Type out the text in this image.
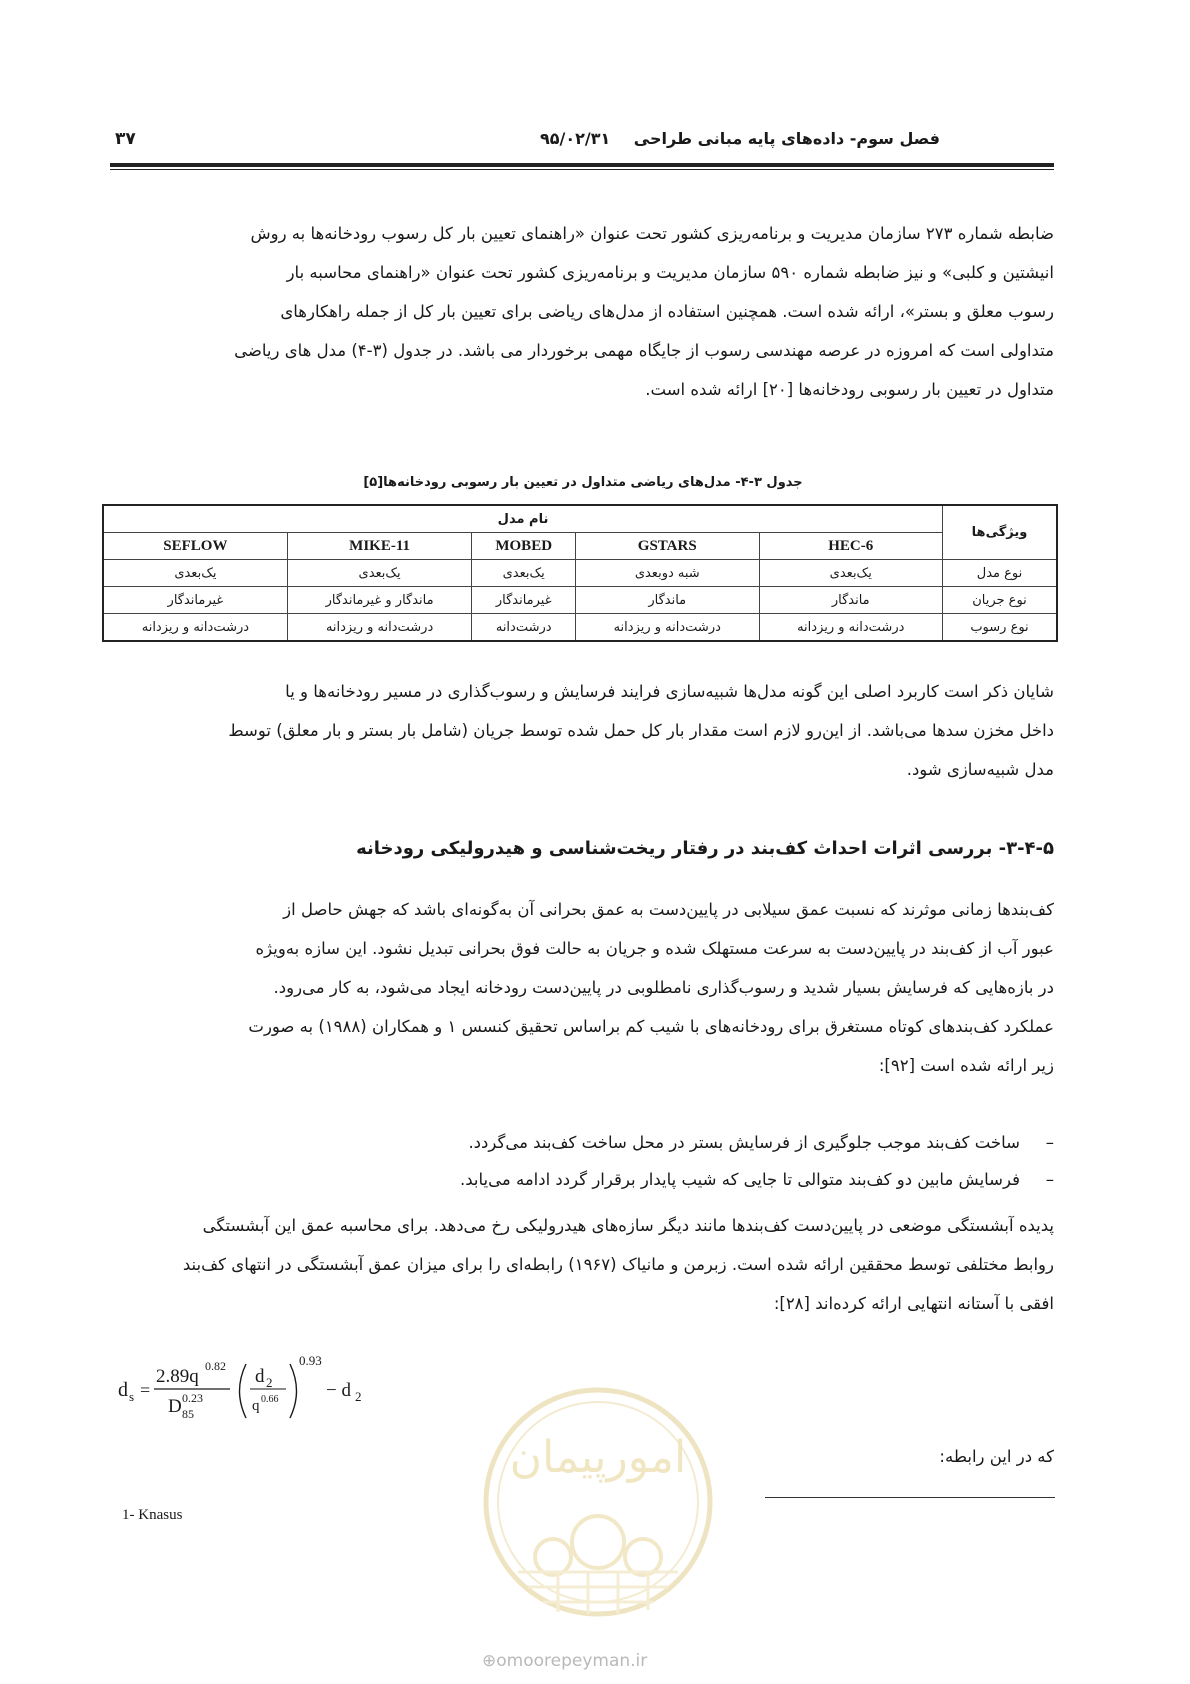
فصل سوم- داده‌های پایه مبانی طراحی
۹۵/۰۲/۳۱
۳۷

ضابطه شماره ۲۷۳ سازمان مدیریت و برنامه‌ریزی کشور تحت عنوان «راهنمای تعیین بار کل رسوب رودخانه‌ها به روش

انیشتین و کلبی» و نیز ضابطه شماره ۵۹۰ سازمان مدیریت و برنامه‌ریزی کشور تحت عنوان «راهنمای محاسبه بار

رسوب معلق و بستر»، ارائه شده است. همچنین استفاده از مدل‌های ریاضی برای تعیین بار کل از جمله راهکارهای

متداولی است که امروزه در عرصه مهندسی رسوب از جایگاه مهمی برخوردار می باشد. در جدول (۳-۴) مدل های ریاضی

متداول در تعیین بار رسوبی رودخانه‌ها [۲۰] ارائه شده است.

جدول ۳-۴- مدل‌های ریاضی متداول در تعیین بار رسوبی رودخانه‌ها[۵]
ویژگی‌ها	نام مدل				
	HEC-6	GSTARS	MOBED	MIKE-11	SEFLOW
نوع مدل	یک‌بعدی	شبه دوبعدی	یک‌بعدی	یک‌بعدی	یک‌بعدی
نوع جریان	ماندگار	ماندگار	غیرماندگار	ماندگار و غیرماندگار	غیرماندگار
نوع رسوب	درشت‌دانه و ریزدانه	درشت‌دانه و ریزدانه	درشت‌دانه	درشت‌دانه و ریزدانه	درشت‌دانه و ریزدانه

شایان ذکر است کاربرد اصلی این گونه مدل‌ها شبیه‌سازی فرایند فرسایش و رسوب‌گذاری در مسیر رودخانه‌ها و یا

داخل مخزن سدها می‌باشد. از این‌رو لازم است مقدار بار کل حمل شده توسط جریان (شامل بار بستر و بار معلق) توسط

مدل شبیه‌سازی شود.

۳-۴-۵- بررسی اثرات احداث کف‌بند در رفتار ریخت‌شناسی و هیدرولیکی رودخانه

کف‌بندها زمانی موثرند که نسبت عمق سیلابی در پایین‌دست به عمق بحرانی آن به‌گونه‌ای باشد که جهش حاصل از

عبور آب از کف‌بند در پایین‌دست به سرعت مستهلک شده و جریان به حالت فوق بحرانی تبدیل نشود. این سازه به‌ویژه

در بازه‌هایی که فرسایش بسیار شدید و رسوب‌گذاری نامطلوبی در پایین‌دست رودخانه ایجاد می‌شود، به کار می‌رود.

عملکرد کف‌بندهای کوتاه مستغرق برای رودخانه‌های با شیب کم براساس تحقیق کنسس ۱ و همکاران (۱۹۸۸) به صورت

زیر ارائه شده است [۹۲]:

–
ساخت کف‌بند موجب جلوگیری از فرسایش بستر در محل ساخت کف‌بند می‌گردد.
–
فرسایش مابین دو کف‌بند متوالی تا جایی که شیب پایدار برقرار گردد ادامه می‌یابد.

پدیده آبشستگی موضعی در پایین‌دست کف‌بندها مانند دیگر سازه‌های هیدرولیکی رخ می‌دهد. برای محاسبه عمق این آبشستگی

روابط مختلفی توسط محققین ارائه شده است. زبرمن و مانیاک (۱۹۶۷) رابطه‌ای را برای میزان عمق آبشستگی در انتهای کف‌بند

افقی با آستانه انتهایی ارائه کرده‌اند [۲۸]:

d s =
2.89q 0.82
D 0.23
85
d 2
q 0.66
0.93
− d 2
که در این رابطه:
1- Knasus
امورپیمان
⊕omoorepeyman.ir
